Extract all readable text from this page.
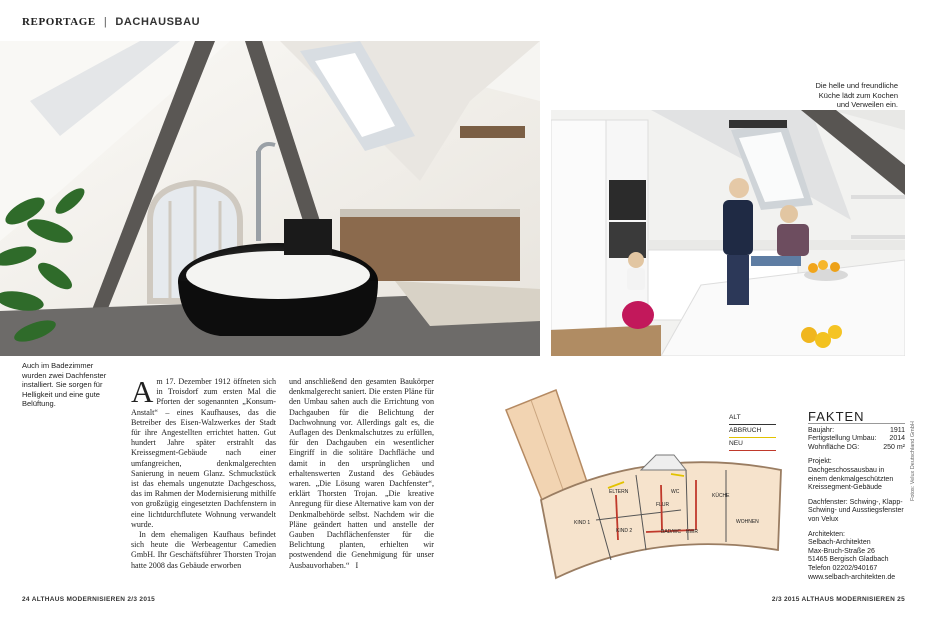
REPORTAGE | DACHAUSBAU
Auch im Badezimmer wurden zwei Dachfenster installiert. Sie sorgen für Helligkeit und eine gute Belüftung.
Die helle und freundliche Küche lädt zum Kochen und Verweilen ein.

Am 17. Dezember 1912 öffneten sich in Troisdorf zum ersten Mal die Pforten der sogenannten „Konsum-Anstalt“ – eines Kaufhauses, das die Betreiber des Eisen-Walzwerkes der Stadt für ihre Angestellten errichtet hatten. Gut hundert Jahre später erstrahlt das Kreissegment-Gebäude nach einer umfangreichen, denkmalgerechten Sanierung in neuem Glanz. Schmuckstück ist das ehemals ungenutzte Dachgeschoss, das im Rahmen der Modernisierung mithilfe von großzügig eingesetzten Dachfenstern in eine lichtdurchflutete Wohnung verwandelt wurde.

In dem ehemaligen Kaufhaus befindet sich heute die Werbeagentur Camedien GmbH. Ihr Geschäftsführer Thorsten Trojan hatte 2008 das Gebäude erworben

und anschließend den gesamten Baukörper denkmalgerecht saniert. Die ersten Pläne für den Umbau sahen auch die Errichtung von Dachgauben für die Belichtung der Dachwohnung vor. Allerdings galt es, die Auflagen des Denkmalschutzes zu erfüllen, für den Dachgauben ein wesentlicher Eingriff in die solitäre Dachfläche und damit in den ursprünglichen und erhaltenswerten Zustand des Gebäudes waren. „Die Lösung waren Dachfenster“, erklärt Thorsten Trojan. „Die kreative Anregung für diese Alternative kam von der Denkmalbehörde selbst. Nachdem wir die Pläne geändert hatten und anstelle der Gauben Dachflächenfenster für die Belichtung planten, erhielten wir postwendend die Genehmigung für unser Ausbauvorhaben.“ I

ELTERN
FLUR
KÜCHE
KIND 1
KIND 2
WOHNEN
BAD/WC HWR
WC
ALT
ABBRUCH
NEU
FAKTEN
Baujahr:	1911
Fertigstellung Umbau: 2014
Wohnfläche DG:	250 m²
Projekt:
Dachgeschossausbau in einem denkmalgeschützten Kreissegment-Gebäude
Dachfenster: Schwing-, Klapp-Schwing- und Ausstiegsfenster von Velux
Architekten:
Selbach-Architekten
Max-Bruch-Straße 26
51465 Bergisch Gladbach
Telefon 02202/940167
www.selbach-architekten.de
Fotos: Velux Deutschland GmbH
24 ALTHAUS MODERNISIEREN 2/3 2015	2/3 2015 ALTHAUS MODERNISIEREN 25
